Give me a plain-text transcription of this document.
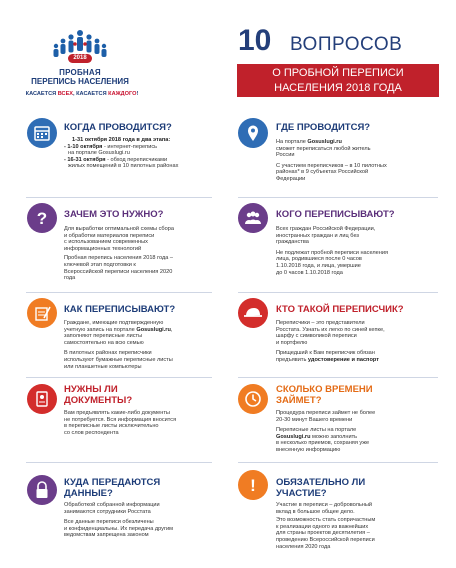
2018
ПРОБНАЯ
ПЕРЕПИСЬ НАСЕЛЕНИЯ
КАСАЕТСЯ ВСЕХ, КАСАЕТСЯ КАЖДОГО!
10 ВОПРОСОВ
О ПРОБНОЙ ПЕРЕПИСИ
НАСЕЛЕНИЯ 2018 ГОДА
КОГДА ПРОВОДИТСЯ?

1-31 октября 2018 года в два этапа:

- 1-10 октября - интернет-перепись

на портале Gosuslugi.ru

- 16-31 октября - обход переписчиками

жилых помещений в 10 пилотных районах

? ЗАЧЕМ ЭТО НУЖНО?

Для выработки оптимальной схемы сбора

и обработки материалов переписи

с использованием современных

информационных технологий

Пробная перепись населения 2018 года –

ключевой этап подготовки к

Всероссийской переписи населения 2020

года

КАК ПЕРЕПИСЫВАЮТ?

Граждане, имеющие подтвержденную

учетную запись на портале Gosuslugi.ru,

заполняют переписные листы

самостоятельно на всю семью

В пилотных районах переписчики

используют бумажные переписные листы

или планшетные компьютеры

НУЖНЫ ЛИ

ДОКУМЕНТЫ?

Вам предъявлять какие-либо документы

не потребуется. Вся информация вносится

в переписные листы исключительно

со слов респондента

КУДА ПЕРЕДАЮТСЯ

ДАННЫЕ?

Обработкой собранной информации

занимаются сотрудники Росстата

Все данные переписи обезличены

и конфиденциальны. Их передача другим

ведомствам запрещена законом

ГДЕ ПРОВОДИТСЯ?

На портале Gosuslugi.ru

сможет переписаться любой житель

России

С участием переписчиков – в 10 пилотных

районах* в 9 субъектах Российской

Федерации

КОГО ПЕРЕПИСЫВАЮТ?

Всех граждан Российской Федерации,

иностранных граждан и лиц без

гражданства

Не подлежат пробной переписи населения

лица, родившиеся после 0 часов

1.10.2018 года, и лица, умершие

до 0 часов 1.10.2018 года

КТО ТАКОЙ ПЕРЕПИСЧИК?

Переписчики – это представители

Росстата. Узнать их легко по синей кепке,

шарфу с символикой переписи

и портфелю

Прищедший к Вам переписчик обязан

предъявить удостоверение и паспорт

СКОЛЬКО ВРЕМЕНИ

ЗАЙМЕТ?

Процедура переписи займет не более

20-30 минут Вашего времени

Переписные листы на портале

Gosuslugi.ru можно заполнить

в несколько приемов, сохраняя уже

внесенную информацию

! ОБЯЗАТЕЛЬНО ЛИ

УЧАСТИЕ?

Участие в переписи – добровольный

вклад в большое общее дело.

Это возможность стать сопричастным

к реализации одного из важнейших

для страны проектов десятилетия –

проведению Всероссийской переписи

населения 2020 года
